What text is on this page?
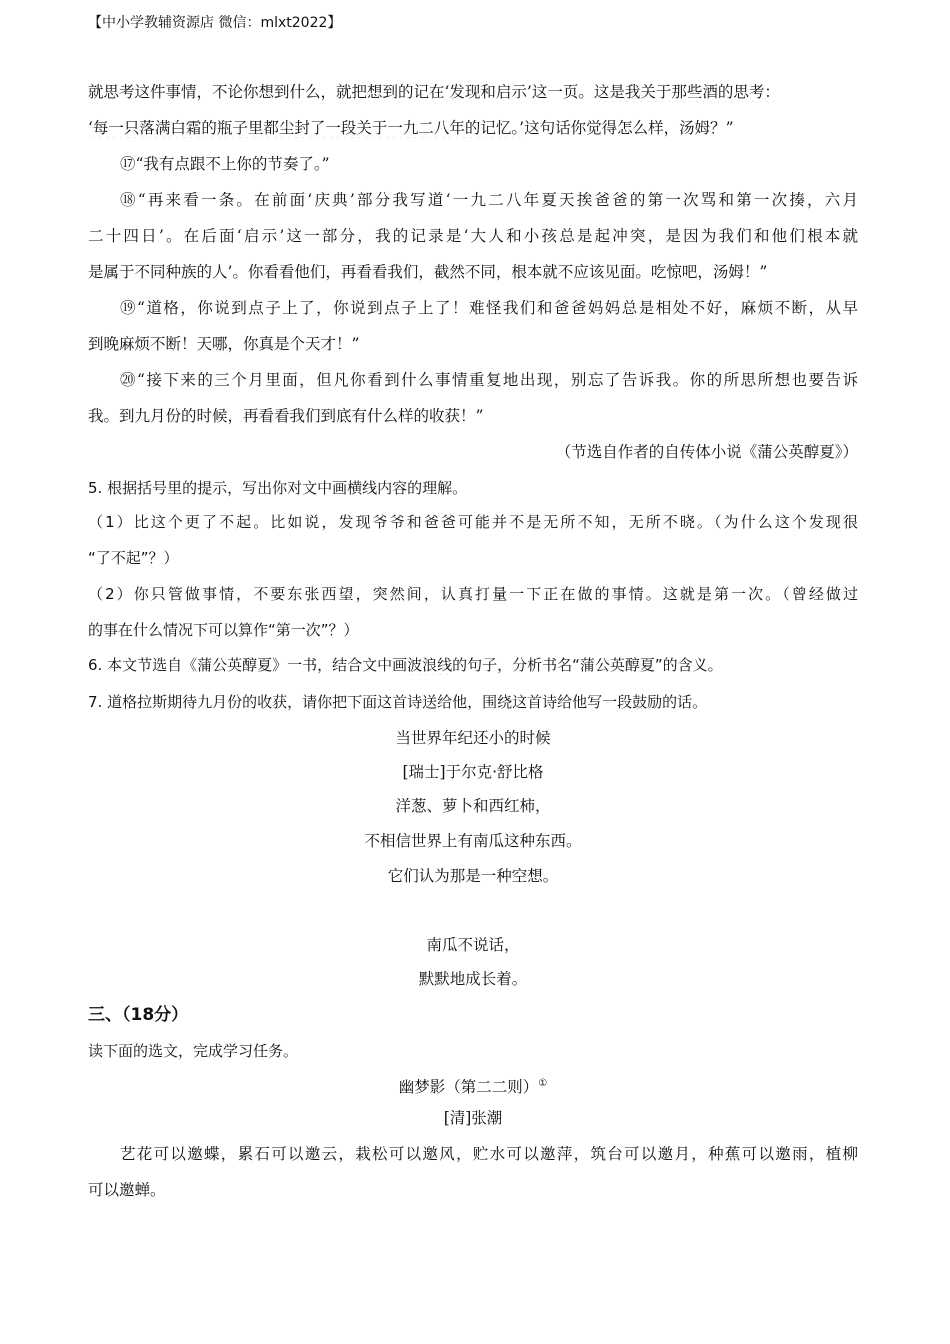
【中小学教辅资源店 微信：mlxt2022】
就思考这件事情，不论你想到什么，就把想到的记在‘发现和启示’这一页。这是我关于那些酒的思考：
‘每一只落满白霜的瓶子里都尘封了一段关于一九二八年的记忆。’这句话你觉得怎么样，汤姆？”
⑰“我有点跟不上你的节奏了。”
⑱“再来看一条。在前面‘庆典’部分我写道‘一九二八年夏天挨爸爸的第一次骂和第一次揍，六月
二十四日’。在后面‘启示’这一部分，我的记录是‘大人和小孩总是起冲突，是因为我们和他们根本就
是属于不同种族的人’。你看看他们，再看看我们，截然不同，根本就不应该见面。吃惊吧，汤姆！”
⑲“道格，你说到点子上了，你说到点子上了！难怪我们和爸爸妈妈总是相处不好，麻烦不断，从早
到晚麻烦不断！天哪，你真是个天才！”
⑳“接下来的三个月里面，但凡你看到什么事情重复地出现，别忘了告诉我。你的所思所想也要告诉
我。到九月份的时候，再看看我们到底有什么样的收获！”
（节选自作者的自传体小说《蒲公英醇夏》）
5. 根据括号里的提示，写出你对文中画横线内容的理解。
（1）比这个更了不起。比如说，发现爷爷和爸爸可能并不是无所不知，无所不晓。（为什么这个发现很
“了不起”？）
（2）你只管做事情，不要东张西望，突然间，认真打量一下正在做的事情。这就是第一次。（曾经做过
的事在什么情况下可以算作“第一次”？）
6. 本文节选自《蒲公英醇夏》一书，结合文中画波浪线的句子，分析书名“蒲公英醇夏”的含义。
7. 道格拉斯期待九月份的收获，请你把下面这首诗送给他，围绕这首诗给他写一段鼓励的话。
当世界年纪还小的时候
[瑞士]于尔克·舒比格
洋葱、萝卜和西红柿，
不相信世界上有南瓜这种东西。
它们认为那是一种空想。
南瓜不说话，
默默地成长着。
三、（18分）
读下面的选文，完成学习任务。
幽梦影（第二二则）①
[清]张潮
艺花可以邀蝶，累石可以邀云，栽松可以邀风，贮水可以邀萍，筑台可以邀月，种蕉可以邀雨，植柳
可以邀蝉。
